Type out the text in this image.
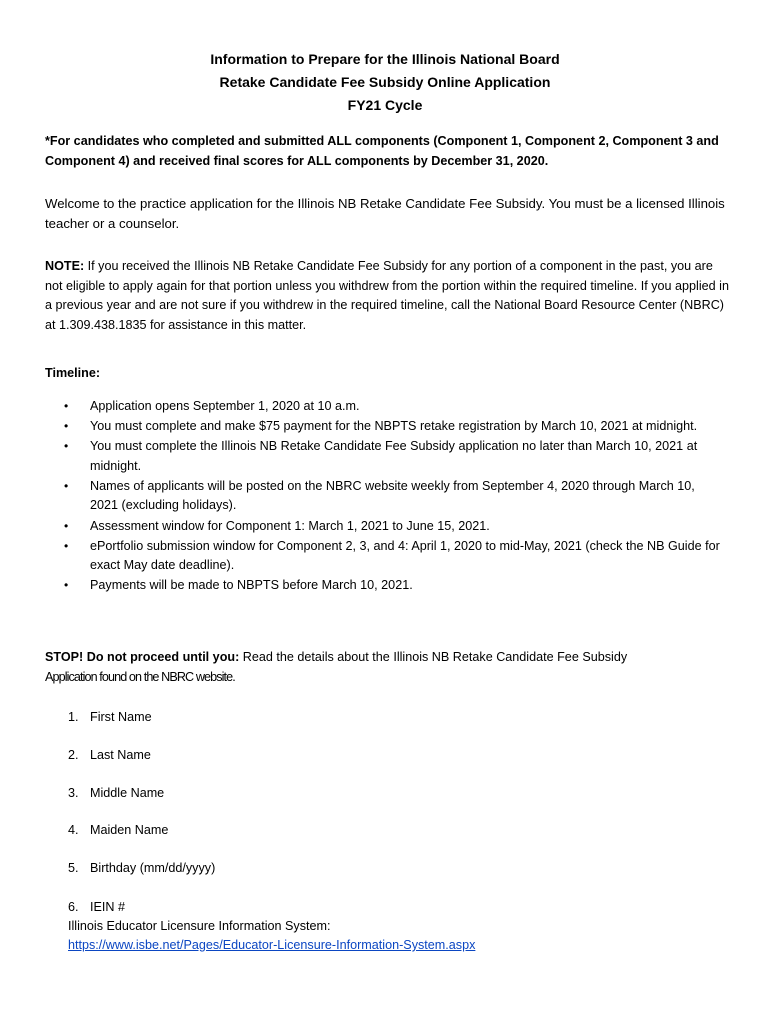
Information to Prepare for the Illinois National Board
Retake Candidate Fee Subsidy Online Application
FY21 Cycle
*For candidates who completed and submitted ALL components (Component 1, Component 2, Component 3 and Component 4) and received final scores for ALL components by December 31, 2020.
Welcome to the practice application for the Illinois NB Retake Candidate Fee Subsidy. You must be a licensed Illinois teacher or a counselor.
NOTE: If you received the Illinois NB Retake Candidate Fee Subsidy for any portion of a component in the past, you are not eligible to apply again for that portion unless you withdrew from the portion within the required timeline. If you applied in a previous year and are not sure if you withdrew in the required timeline, call the National Board Resource Center (NBRC) at 1.309.438.1835 for assistance in this matter.
Timeline:
• Application opens September 1, 2020 at 10 a.m.
• You must complete and make $75 payment for the NBPTS retake registration by March 10, 2021 at midnight.
• You must complete the Illinois NB Retake Candidate Fee Subsidy application no later than March 10, 2021 at midnight.
• Names of applicants will be posted on the NBRC website weekly from September 4, 2020 through March 10, 2021 (excluding holidays).
• Assessment window for Component 1: March 1, 2021 to June 15, 2021.
• ePortfolio submission window for Component 2, 3, and 4: April 1, 2020 to mid-May, 2021 (check the NB Guide for exact May date deadline).
• Payments will be made to NBPTS before March 10, 2021.
STOP! Do not proceed until you: Read the details about the Illinois NB Retake Candidate Fee Subsidy
Application found on the NBRC website.
1. First Name
2. Last Name
3. Middle Name
4. Maiden Name
5. Birthday (mm/dd/yyyy)
6. IEIN #
Illinois Educator Licensure Information System:
https://www.isbe.net/Pages/Educator-Licensure-Information-System.aspx
